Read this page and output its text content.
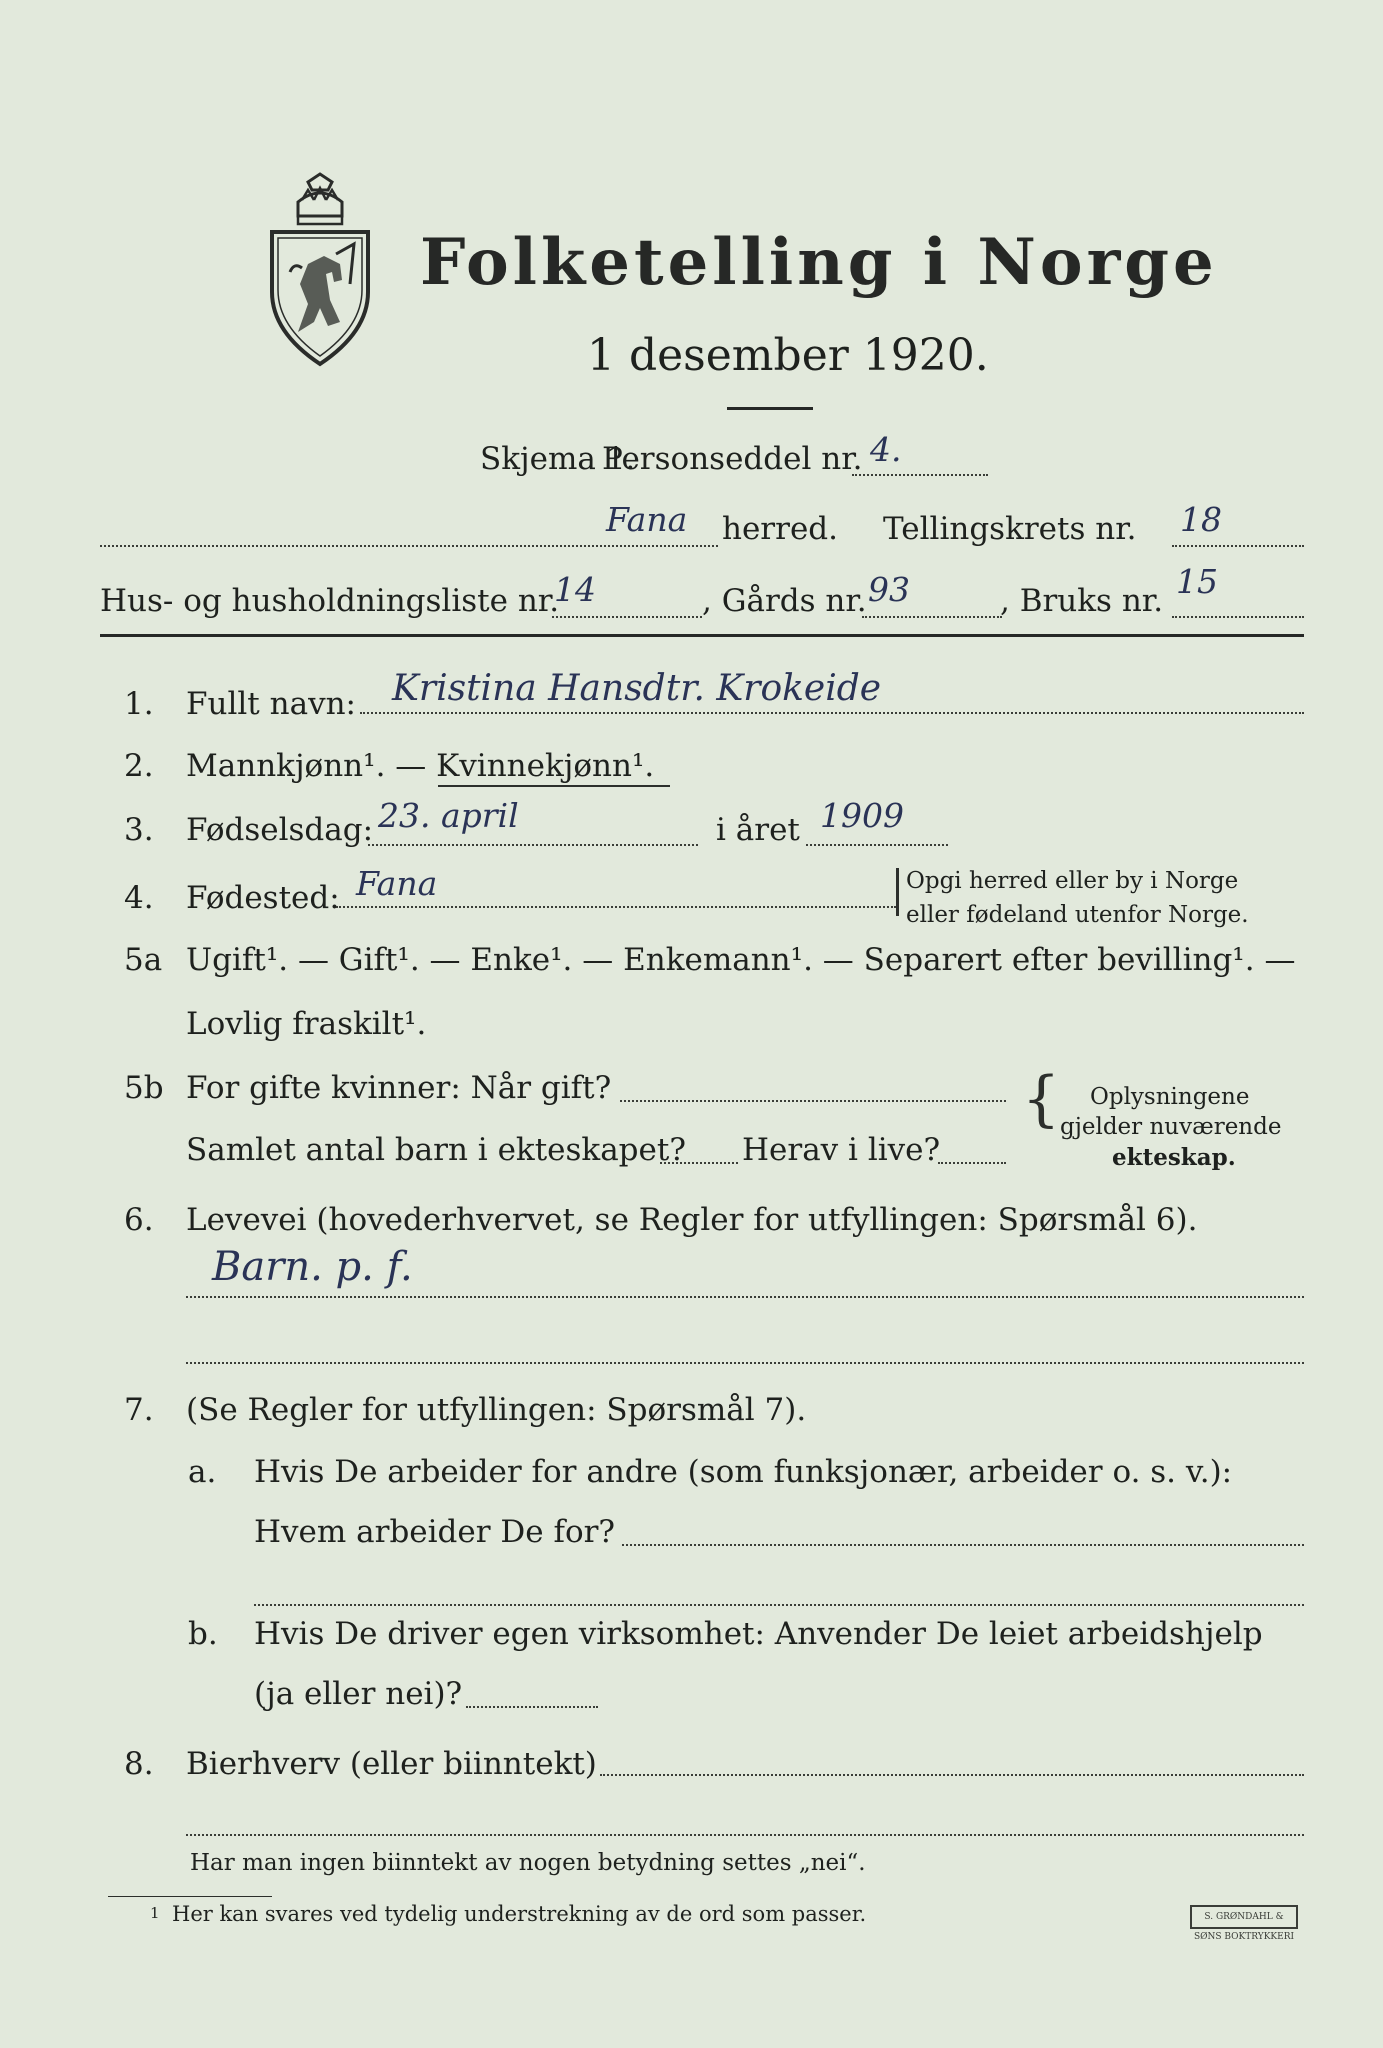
Folketelling i Norge
1 desember 1920.
Skjema 1.
Personseddel nr. 4.
Fana herred. Tellingskrets nr. 18
Hus- og husholdningsliste nr.
14	, Gårds nr. 93	, Bruks nr. 15
1. Fullt navn: Kristina Hansdtr. Krokeide
2. Mannkjønn¹. — Kvinnekjønn¹.
3. Fødselsdag: 23. april	i året 1909
4. Fødested: Fana	Opgi herred eller by i Norge
eller fødeland utenfor Norge.
5a Ugift¹. — Gift¹. — Enke¹. — Enkemann¹. — Separert efter bevilling¹. —
Lovlig fraskilt¹.
5b For gifte kvinner: Når gift?
Samlet antal barn i ekteskapet? Herav i live?
{ Oplysningene
gjelder nuværende
ekteskap.
6. Levevei (hovederhvervet, se Regler for utfyllingen: Spørsmål 6).
Barn. p. f.
7. (Se Regler for utfyllingen: Spørsmål 7).
a. Hvis De arbeider for andre (som funksjonær, arbeider o. s. v.):
Hvem arbeider De for?
b. Hvis De driver egen virksomhet: Anvender De leiet arbeidshjelp
(ja eller nei)?
8. Bierhverv (eller biinntekt)
Har man ingen biinntekt av nogen betydning settes „nei“.
1 Her kan svares ved tydelig understrekning av de ord som passer.	S. GRØNDAHL & SØNS BOKTRYKKERI
